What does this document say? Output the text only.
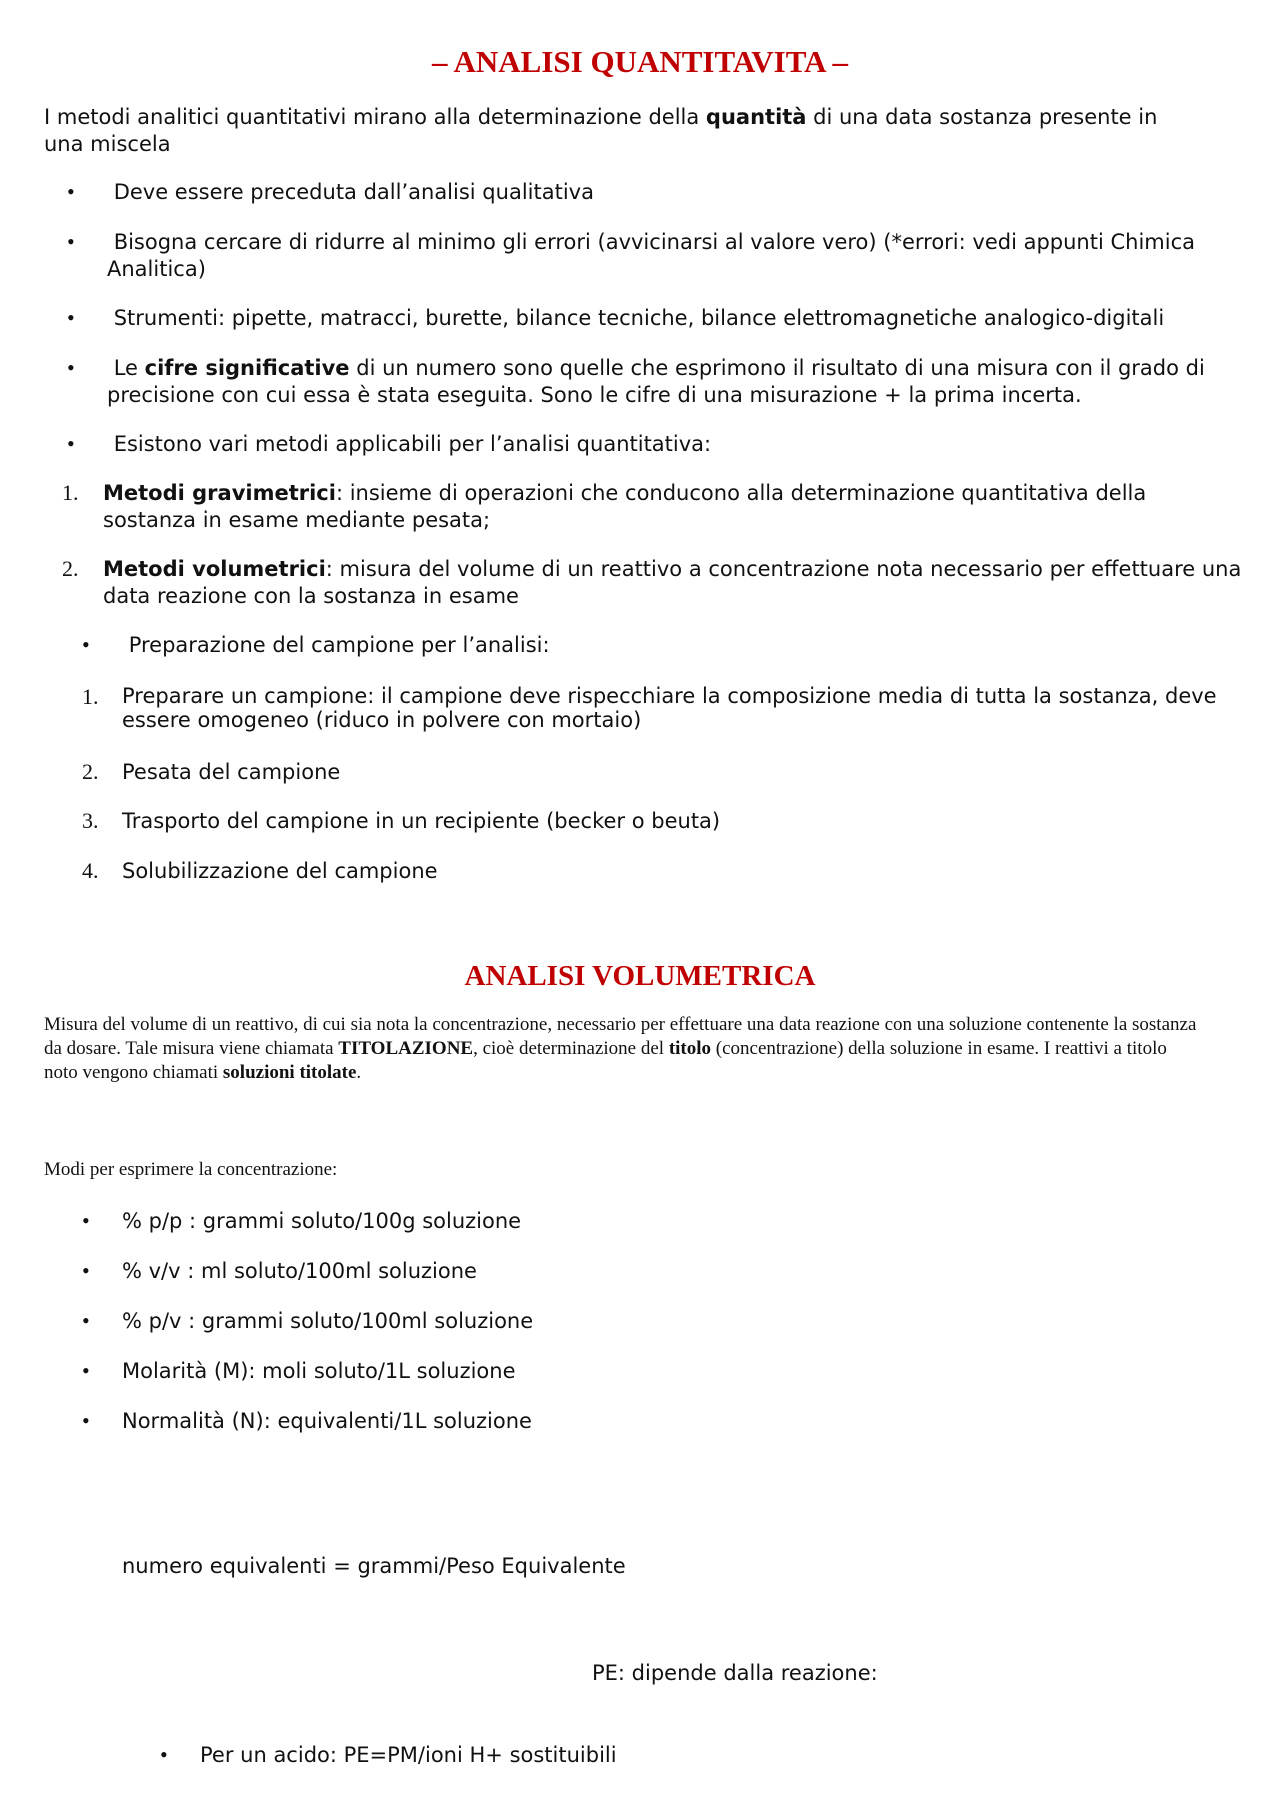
– ANALISI QUANTITAVITA –
I metodi analitici quantitativi mirano alla determinazione della quantità di una data sostanza presente in una miscela
•	Deve essere preceduta dall’analisi qualitativa
•	Bisogna cercare di ridurre al minimo gli errori (avvicinarsi al valore vero) (*errori: vedi appunti Chimica Analitica)
•	Strumenti: pipette, matracci, burette, bilance tecniche, bilance elettromagnetiche analogico-digitali
•	Le cifre significative di un numero sono quelle che esprimono il risultato di una misura con il grado di precisione con cui essa è stata eseguita. Sono le cifre di una misurazione + la prima incerta.
•	Esistono vari metodi applicabili per l’analisi quantitativa:
1. Metodi gravimetrici: insieme di operazioni che conducono alla determinazione quantitativa della sostanza in esame mediante pesata;
2. Metodi volumetrici: misura del volume di un reattivo a concentrazione nota necessario per effettuare una data reazione con la sostanza in esame
•	Preparazione del campione per l’analisi:
1. Preparare un campione: il campione deve rispecchiare la composizione media di tutta la sostanza, deve essere omogeneo (riduco in polvere con mortaio)
2. Pesata del campione
3. Trasporto del campione in un recipiente (becker o beuta)
4. Solubilizzazione del campione
ANALISI VOLUMETRICA
Misura del volume di un reattivo, di cui sia nota la concentrazione, necessario per effettuare una data reazione con una soluzione contenente la sostanza da dosare. Tale misura viene chiamata TITOLAZIONE, cioè determinazione del titolo (concentrazione) della soluzione in esame. I reattivi a titolo noto vengono chiamati soluzioni titolate.
Modi per esprimere la concentrazione:
• % p/p : grammi soluto/100g soluzione
• % v/v : ml soluto/100ml soluzione
• % p/v : grammi soluto/100ml soluzione
• Molarità (M): moli soluto/1L soluzione
• Normalità (N): equivalenti/1L soluzione
numero equivalenti = grammi/Peso Equivalente
PE: dipende dalla reazione:
• Per un acido: PE=PM/ioni H+ sostituibili
